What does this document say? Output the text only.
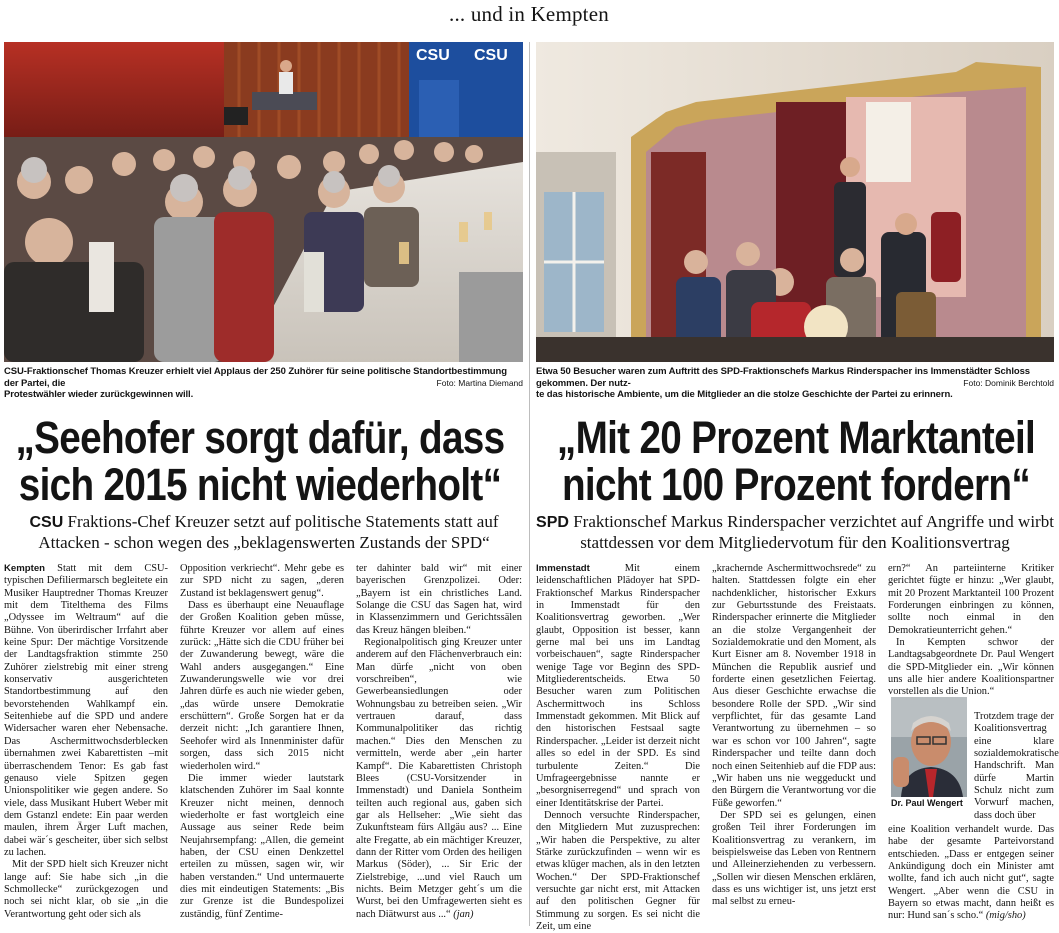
... und in Kempten
CSU CSU
CSU-Fraktionschef Thomas Kreuzer erhielt viel Applaus der 250 Zuhörer für seine politische Standortbestimmung der Partei, die
Protestwähler wieder zurückgewinnen will.
Foto: Martina Diemand
Etwa 50 Besucher waren zum Auftritt des SPD-Fraktionschefs Markus Rinderspacher ins Immenstädter Schloss gekommen. Der nutz-
te das historische Ambiente, um die Mitglieder an die stolze Geschichte der Partei zu erinnern.
Foto: Dominik Berchtold
„Seehofer sorgt dafür, dass
sich 2015 nicht wiederholt“
CSU Fraktions-Chef Kreuzer setzt auf politische Statements statt auf Attacken - schon wegen des „beklagenswerten Zustands der SPD“
„Mit 20 Prozent Marktanteil
nicht 100 Prozent fordern“
SPD Fraktionschef Markus Rinderspacher verzichtet auf Angriffe und wirbt stattdessen vor dem Mitgliedervotum für den Koalitionsvertrag

Kempten Statt mit dem CSU-typischen Defiliermarsch begleitete ein Musiker Hauptredner Thomas Kreuzer mit dem Titelthema des Films „Odyssee im Weltraum“ auf die Bühne. Von überirdischer Irrfahrt aber keine Spur: Der mächtige Vorsitzende der Landtagsfraktion stimmte 250 Zuhörer zielstrebig mit einer streng konservativ ausgerichteten Standortbestimmung auf den bevorstehenden Wahlkampf ein. Seitenhiebe auf die SPD und andere Widersacher waren eher Nebensache. Das Aschermittwochsderblecken übernahmen zwei Kabarettisten –mit überraschendem Tenor: Es gab fast genauso viele Spitzen gegen Unionspolitiker wie gegen andere. So viele, dass Musikant Hubert Weber mit dem Gstanzl endete: Ein paar werden maulen, ihrem Ärger Luft machen, dabei wär´s gescheiter, über sich selbst zu lachen.

Mit der SPD hielt sich Kreuzer nicht lange auf: Sie habe sich „in die Schmollecke“ zurückgezogen und noch sei nicht klar, ob sie „in die Verantwortung geht oder sich als

Opposition verkriecht“. Mehr gebe es zur SPD nicht zu sagen, „deren Zustand ist beklagenswert genug“.

Dass es überhaupt eine Neuauflage der Großen Koalition geben müsse, führte Kreuzer vor allem auf eines zurück: „Hätte sich die CDU früher bei der Zuwanderung bewegt, wäre die Wahl anders ausgegangen.“ Eine Zuwanderungswelle wie vor drei Jahren dürfe es auch nie wieder geben, „das würde unsere Demokratie erschüttern“. Große Sorgen hat er da derzeit nicht: „Ich garantiere Ihnen, Seehofer wird als Innenminister dafür sorgen, dass sich 2015 nicht wiederholen wird.“

Die immer wieder lautstark klatschenden Zuhörer im Saal konnte Kreuzer nicht meinen, dennoch wiederholte er fast wortgleich eine Aussage aus seiner Rede beim Neujahrsempfang: „Allen, die gemeint haben, der CSU einen Denkzettel erteilen zu müssen, sagen wir, wir haben verstanden.“ Und untermauerte dies mit eindeutigen Statements: „Bis zur Grenze ist die Bundespolizei zuständig, fünf Zentime-

ter dahinter bald wir“ mit einer bayerischen Grenzpolizei. Oder: „Bayern ist ein christliches Land. Solange die CSU das Sagen hat, wird in Klassenzimmern und Gerichtssälen das Kreuz hängen bleiben.“

Regionalpolitisch ging Kreuzer unter anderem auf den Flächenverbrauch ein: Man dürfe „nicht von oben vorschreiben“, wie Gewerbeansiedlungen oder Wohnungsbau zu betreiben seien. „Wir vertrauen darauf, dass Kommunalpolitiker das richtig machen.“ Dies den Menschen zu vermitteln, werde aber „ein harter Kampf“. Die Kabarettisten Christoph Blees (CSU-Vorsitzender in Immenstadt) und Daniela Sontheim teilten auch regional aus, gaben sich gar als Hellseher: „Wie sieht das Zukunftsteam fürs Allgäu aus? ... Eine alte Fregatte, ab ein mächtiger Kreuzer, dann der Ritter vom Orden des heiligen Markus (Söder), ... Sir Eric der Zielstrebige, ...und viel Rauch um nichts. Beim Metzger geht´s um die Wurst, bei den Umfragewerten sieht es nach Diätwurst aus ...“ (jan)

Immenstadt	Mit einem leidenschaftlichen Plädoyer hat SPD-Fraktionschef Markus Rinderspacher in Immenstadt für den Koalitionsvertrag geworben. „Wer glaubt, Opposition ist besser, kann gerne mal bei uns im Landtag vorbeischauen“, sagte Rinderspacher wenige Tage vor Beginn des SPD-Mitgliederentscheids. Etwa 50 Besucher waren zum Politischen Aschermittwoch ins Schloss Immenstadt gekommen. Mit Blick auf den historischen Festsaal sagte Rinderspacher. „Leider ist derzeit nicht alles so edel in der SPD. Es sind turbulente Zeiten.“ Die Umfrageergebnisse nannte er „besorgniserregend“ und sprach von einer Identitätskrise der Partei.

Dennoch versuchte Rinderspacher, den Mitgliedern Mut zuzusprechen: „Wir haben die Perspektive, zu alter Stärke zurückzufinden – wenn wir es etwas klüger machen, als in den letzten Wochen.“ Der SPD-Fraktionschef versuchte gar nicht erst, mit Attacken auf den politischen Gegner für Stimmung zu sorgen. Es sei nicht die Zeit, um eine

„krachernde Aschermittwochsrede“ zu halten. Stattdessen folgte ein eher nachdenklicher, historischer Exkurs zur Geburtsstunde des Freistaats. Rinderspacher erinnerte die Mitglieder an die stolze Vergangenheit der Sozialdemokratie und den Moment, als Kurt Eisner am 8. November 1918 in München die Republik ausrief und forderte einen gesetzlichen Feiertag. Aus dieser Geschichte erwachse die besondere Rolle der SPD. „Wir sind verpflichtet, für das gesamte Land Verantwortung zu übernehmen – so war es schon vor 100 Jahren“, sagte Rinderspacher und teilte dann doch noch einen Seitenhieb auf die FDP aus: „Wir haben uns nie weggeduckt und den Bürgern die Verantwortung vor die Füße geworfen.“

Der SPD sei es gelungen, einen großen Teil ihrer Forderungen im Koalitionsvertrag zu verankern, im beispielsweise das Leben von Rentnern und Alleinerziehenden zu verbessern. „Sollen wir diesen Menschen erklären, dass es uns wichtiger ist, uns jetzt erst mal selbst zu erneu-

ern?“ An parteiinterne Kritiker gerichtet fügte er hinzu: „Wer glaubt, mit 20 Prozent Marktanteil 100 Prozent Forderungen einbringen zu können, sollte noch einmal in den Demokratieunterricht gehen.“

In Kempten schwor der Landtagsabgeordnete Dr. Paul Wengert die SPD-Mitglieder ein. „Wir können uns alle hier andere Koalitionspartner vorstellen als die Union.“

Trotzdem trage der Koalitionsvertrag eine klare sozialdemokratische Handschrift. Man dürfe Martin Schulz nicht zum Vorwurf machen, dass doch über

eine Koalition verhandelt wurde. Das habe der gesamte Parteivorstand entschieden. „Dass er entgegen seiner Ankündigung doch ein Minister amt wollte, fand ich auch nicht gut“, sagte Wengert. „Aber wenn die CSU in Bayern so etwas macht, dann heißt es nur: Hund san´s scho.“ (mig/sho)

Dr. Paul Wengert
